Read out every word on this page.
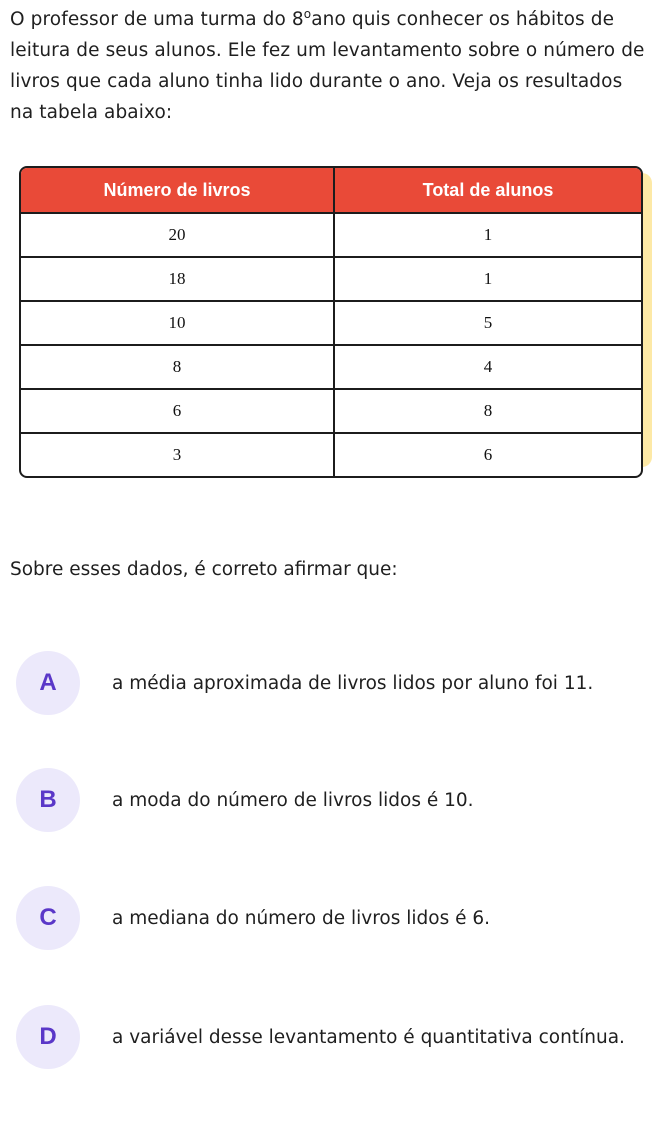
O professor de uma turma do 8$^o$ano quis conhecer os hábitos de leitura de seus alunos. Ele fez um levantamento sobre o número de livros que cada aluno tinha lido durante o ano. Veja os resultados na tabela abaixo:
Número de livros	Total de alunos
20	1
18	1
10	5
8	4
6	8
3	6
Sobre esses dados, é correto afirmar que:
A	a média aproximada de livros lidos por aluno foi 11.
B	a moda do número de livros lidos é 10.
C	a mediana do número de livros lidos é 6.
D	a variável desse levantamento é quantitativa contínua.
